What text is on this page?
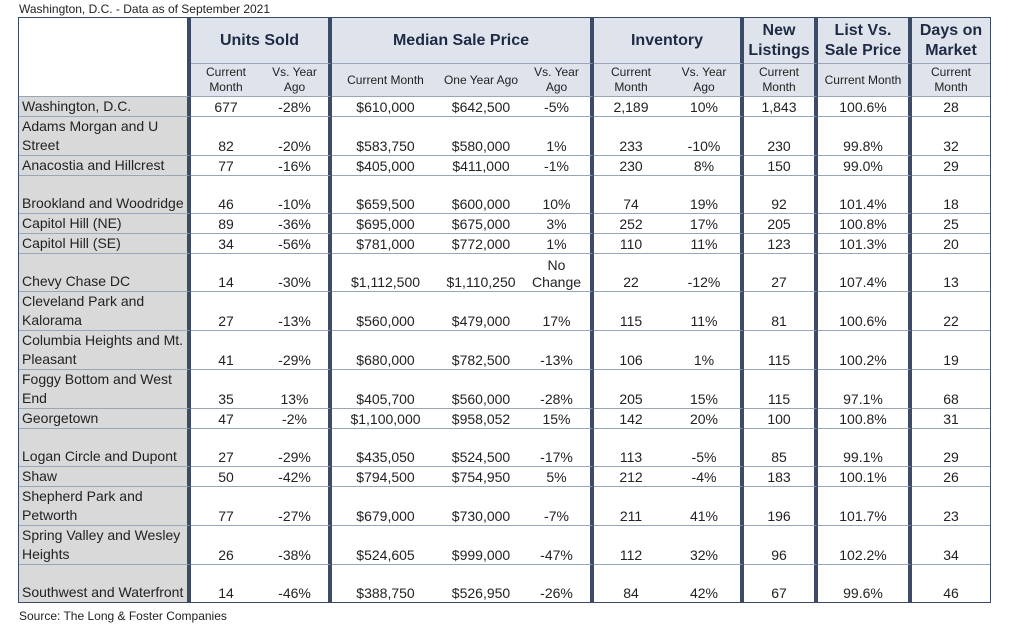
Washington, D.C. - Data as of September 2021
	Units Sold		Median Sale Price			Inventory		New Listings	List Vs. Sale Price	Days on Market
	Current Month	Vs. Year Ago	Current Month	One Year Ago	Vs. Year Ago	Current Month	Vs. Year Ago	Current Month	Current Month	Current Month
Washington, D.C.	677	-28%	$610,000	$642,500	-5%	2,189	10%	1,843	100.6%	28
Adams Morgan and U Street	82	-20%	$583,750	$580,000	1%	233	-10%	230	99.8%	32
Anacostia and Hillcrest	77	-16%	$405,000	$411,000	-1%	230	8%	150	99.0%	29
Brookland and Woodridge	46	-10%	$659,500	$600,000	10%	74	19%	92	101.4%	18
Capitol Hill (NE)	89	-36%	$695,000	$675,000	3%	252	17%	205	100.8%	25
Capitol Hill (SE)	34	-56%	$781,000	$772,000	1%	110	11%	123	101.3%	20
Chevy Chase DC	14	-30%	$1,112,500	$1,110,250	No Change	22	-12%	27	107.4%	13
Cleveland Park and Kalorama	27	-13%	$560,000	$479,000	17%	115	11%	81	100.6%	22
Columbia Heights and Mt. Pleasant	41	-29%	$680,000	$782,500	-13%	106	1%	115	100.2%	19
Foggy Bottom and West End	35	13%	$405,700	$560,000	-28%	205	15%	115	97.1%	68
Georgetown	47	-2%	$1,100,000	$958,052	15%	142	20%	100	100.8%	31
Logan Circle and Dupont	27	-29%	$435,050	$524,500	-17%	113	-5%	85	99.1%	29
Shaw	50	-42%	$794,500	$754,950	5%	212	-4%	183	100.1%	26
Shepherd Park and Petworth	77	-27%	$679,000	$730,000	-7%	211	41%	196	101.7%	23
Spring Valley and Wesley Heights	26	-38%	$524,605	$999,000	-47%	112	32%	96	102.2%	34
Southwest and Waterfront	14	-46%	$388,750	$526,950	-26%	84	42%	67	99.6%	46
Source: The Long & Foster Companies
